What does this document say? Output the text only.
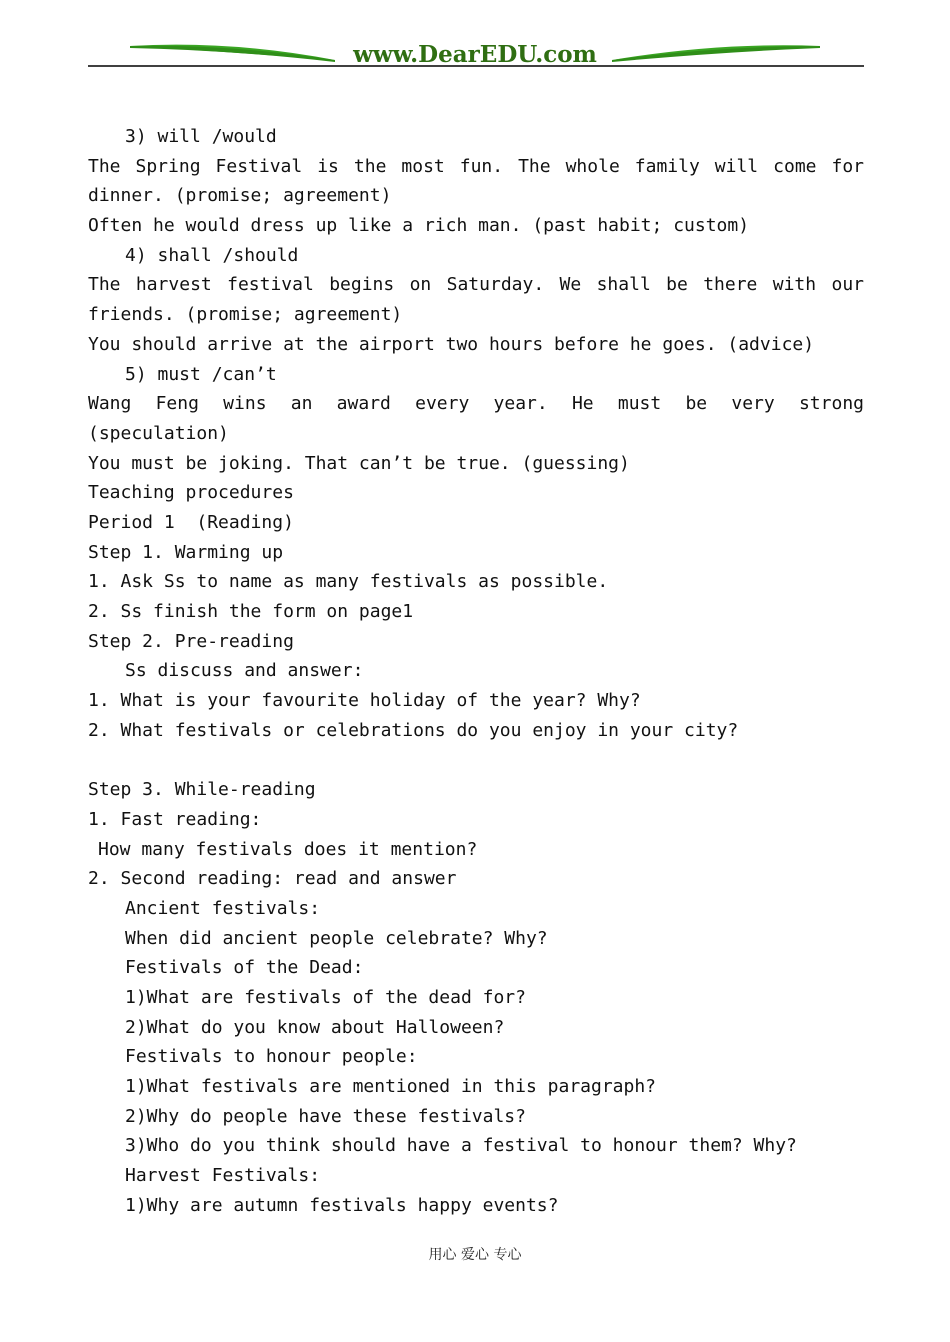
www.DearEDU.com
3) will /would
The Spring Festival is the most fun. The whole family will come for
dinner. (promise; agreement)
Often he would dress up like a rich man. (past habit; custom)
4) shall /should
The harvest festival begins on Saturday. We shall be there with our
friends. (promise; agreement)
You should arrive at the airport two hours before he goes. (advice)
5) must /can’t
Wang Feng wins an award every year. He must be very strong
(speculation)
You must be joking. That can’t be true. (guessing)
Teaching procedures
Period 1  (Reading)
Step 1. Warming up
1. Ask Ss to name as many festivals as possible.
2. Ss finish the form on page1
Step 2. Pre-reading
Ss discuss and answer:
1. What is your favourite holiday of the year? Why?
2. What festivals or celebrations do you enjoy in your city?
Step 3. While-reading
1. Fast reading:
How many festivals does it mention?
2. Second reading: read and answer
Ancient festivals:
When did ancient people celebrate? Why?
Festivals of the Dead:
1)What are festivals of the dead for?
2)What do you know about Halloween?
Festivals to honour people:
1)What festivals are mentioned in this paragraph?
2)Why do people have these festivals?
3)Who do you think should have a festival to honour them? Why?
Harvest Festivals:
1)Why are autumn festivals happy events?
用心 爱心 专心
